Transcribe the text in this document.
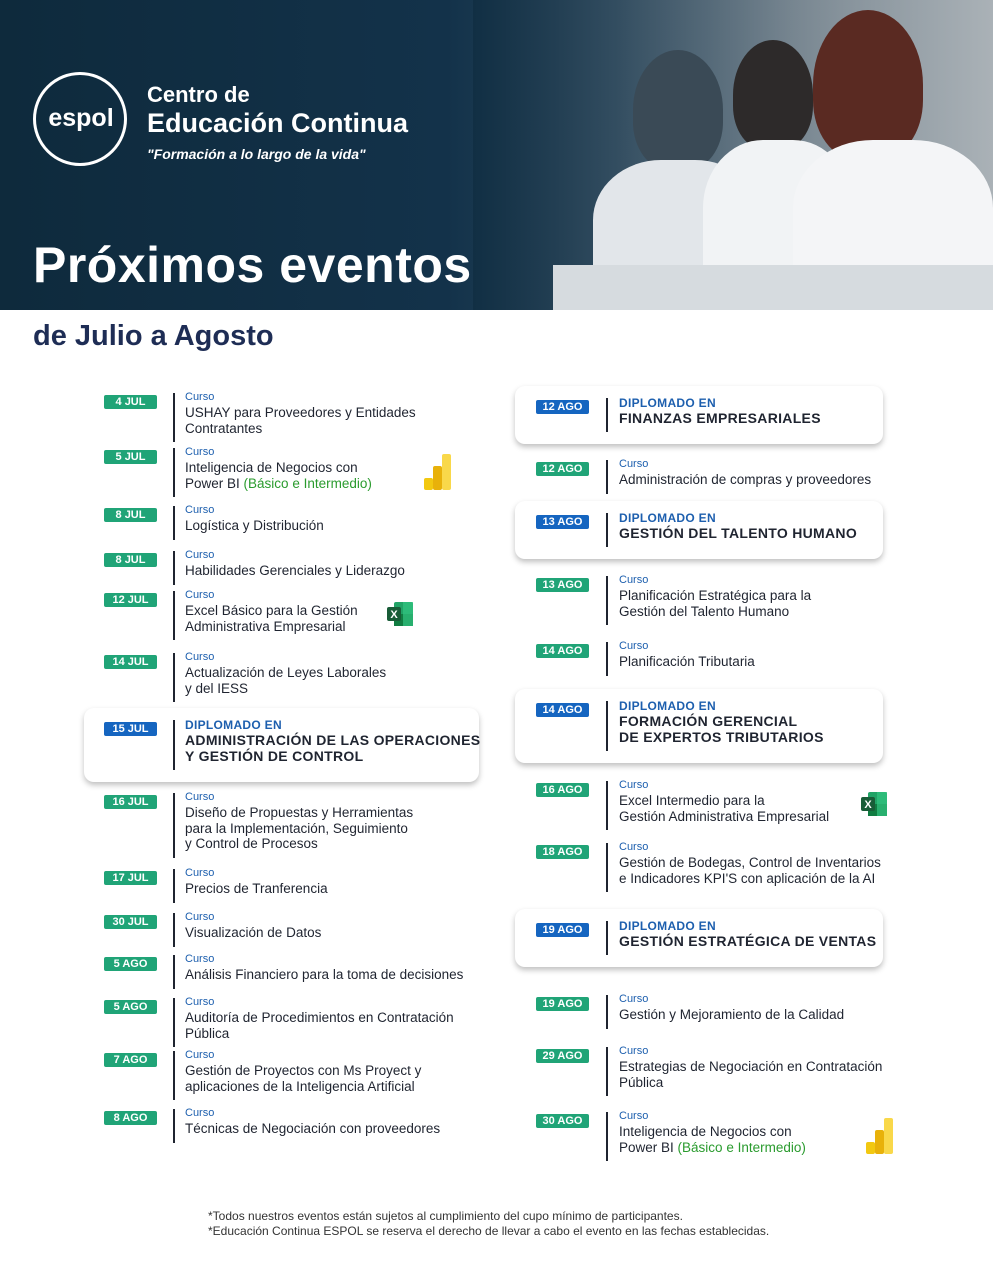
espol
Centro de
Educación Continua
"Formación a lo largo de la vida"
Próximos eventos
de Julio a Agosto
4 JUL	Curso
USHAY para Proveedores y Entidades
Contratantes
5 JUL	Curso
Inteligencia de Negocios con
Power BI (Básico e Intermedio)
8 JUL	Curso
Logística y Distribución
8 JUL	Curso
Habilidades Gerenciales y Liderazgo
12 JUL	Curso
Excel Básico para la Gestión
Administrativa Empresarial
X
14 JUL	Curso
Actualización de Leyes Laborales
y del IESS
15 JUL	DIPLOMADO EN
ADMINISTRACIÓN DE LAS OPERACIONES
Y GESTIÓN DE CONTROL
16 JUL	Curso
Diseño de Propuestas y Herramientas
para la Implementación, Seguimiento
y Control de Procesos
17 JUL	Curso
Precios de Tranferencia
30 JUL	Curso
Visualización de Datos
5 AGO	Curso
Análisis Financiero para la toma de decisiones
5 AGO	Curso
Auditoría de Procedimientos en Contratación
Pública
7 AGO	Curso
Gestión de Proyectos con Ms Proyect y
aplicaciones de la Inteligencia Artificial
8 AGO	Curso
Técnicas de Negociación con proveedores
12 AGO	DIPLOMADO EN
FINANZAS EMPRESARIALES
12 AGO	Curso
Administración de compras y proveedores
13 AGO	DIPLOMADO EN
GESTIÓN DEL TALENTO HUMANO
13 AGO	Curso
Planificación Estratégica para la
Gestión del Talento Humano
14 AGO	Curso
Planificación Tributaria
14 AGO	DIPLOMADO EN
FORMACIÓN GERENCIAL
DE EXPERTOS TRIBUTARIOS
16 AGO	Curso
Excel Intermedio para la
Gestión Administrativa Empresarial
X
18 AGO	Curso
Gestión de Bodegas, Control de Inventarios
e Indicadores KPI'S con aplicación de la AI
19 AGO	DIPLOMADO EN
GESTIÓN ESTRATÉGICA DE VENTAS
19 AGO	Curso
Gestión y Mejoramiento de la Calidad
29 AGO	Curso
Estrategias de Negociación en Contratación
Pública
30 AGO	Curso
Inteligencia de Negocios con
Power BI (Básico e Intermedio)
*Todos nuestros eventos están sujetos al cumplimiento del cupo mínimo de participantes.
*Educación Continua ESPOL se reserva el derecho de llevar a cabo el evento en las fechas establecidas.
